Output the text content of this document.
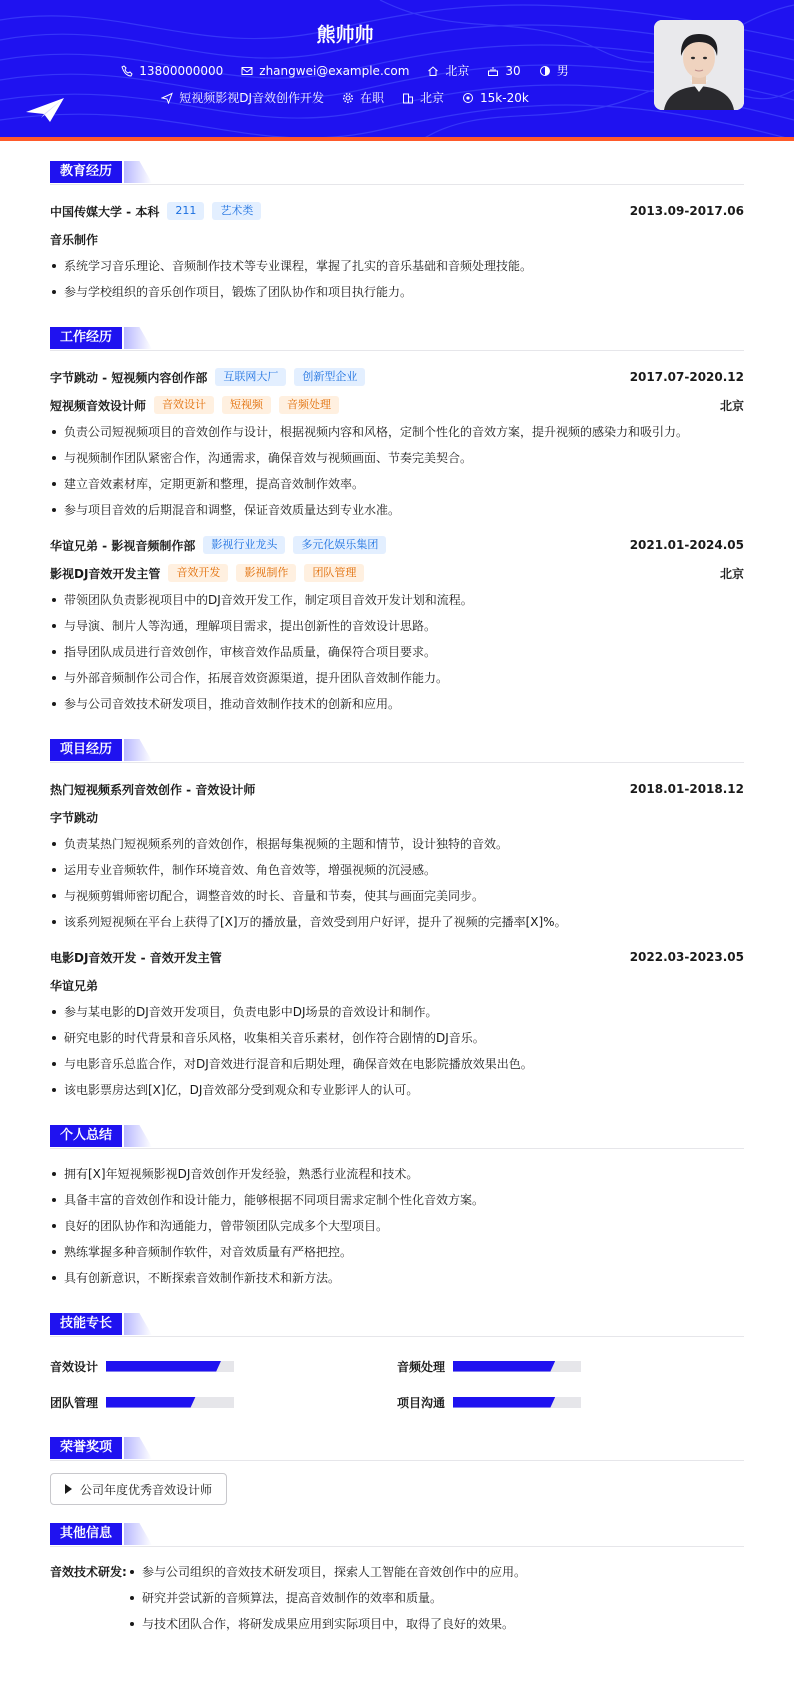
熊帅帅
13800000000	zhangwei@example.com	北京	30	男
短视频影视DJ音效创作开发	在职	北京	15k-20k
教育经历
中国传媒大学 - 本科	211	艺术类	2013.09-2017.06
音乐制作
系统学习音乐理论、音频制作技术等专业课程，掌握了扎实的音乐基础和音频处理技能。
参与学校组织的音乐创作项目，锻炼了团队协作和项目执行能力。
工作经历
字节跳动 - 短视频内容创作部	互联网大厂	创新型企业	2017.07-2020.12
短视频音效设计师	音效设计	短视频	音频处理	北京
负责公司短视频项目的音效创作与设计，根据视频内容和风格，定制个性化的音效方案，提升视频的感染力和吸引力。
与视频制作团队紧密合作，沟通需求，确保音效与视频画面、节奏完美契合。
建立音效素材库，定期更新和整理，提高音效制作效率。
参与项目音效的后期混音和调整，保证音效质量达到专业水准。
华谊兄弟 - 影视音频制作部	影视行业龙头	多元化娱乐集团	2021.01-2024.05
影视DJ音效开发主管	音效开发	影视制作	团队管理	北京
带领团队负责影视项目中的DJ音效开发工作，制定项目音效开发计划和流程。
与导演、制片人等沟通，理解项目需求，提出创新性的音效设计思路。
指导团队成员进行音效创作，审核音效作品质量，确保符合项目要求。
与外部音频制作公司合作，拓展音效资源渠道，提升团队音效制作能力。
参与公司音效技术研发项目，推动音效制作技术的创新和应用。
项目经历
热门短视频系列音效创作 - 音效设计师	2018.01-2018.12
字节跳动
负责某热门短视频系列的音效创作，根据每集视频的主题和情节，设计独特的音效。
运用专业音频软件，制作环境音效、角色音效等，增强视频的沉浸感。
与视频剪辑师密切配合，调整音效的时长、音量和节奏，使其与画面完美同步。
该系列短视频在平台上获得了[X]万的播放量，音效受到用户好评，提升了视频的完播率[X]%。
电影DJ音效开发 - 音效开发主管	2022.03-2023.05
华谊兄弟
参与某电影的DJ音效开发项目，负责电影中DJ场景的音效设计和制作。
研究电影的时代背景和音乐风格，收集相关音乐素材，创作符合剧情的DJ音乐。
与电影音乐总监合作，对DJ音效进行混音和后期处理，确保音效在电影院播放效果出色。
该电影票房达到[X]亿，DJ音效部分受到观众和专业影评人的认可。
个人总结
拥有[X]年短视频影视DJ音效创作开发经验，熟悉行业流程和技术。
具备丰富的音效创作和设计能力，能够根据不同项目需求定制个性化音效方案。
良好的团队协作和沟通能力，曾带领团队完成多个大型项目。
熟练掌握多种音频制作软件，对音效质量有严格把控。
具有创新意识，不断探索音效制作新技术和新方法。
技能专长
音效设计	音频处理
团队管理	项目沟通
荣誉奖项
公司年度优秀音效设计师
其他信息
音效技术研发:	参与公司组织的音效技术研发项目，探索人工智能在音效创作中的应用。
研究并尝试新的音频算法，提高音效制作的效率和质量。
与技术团队合作，将研发成果应用到实际项目中，取得了良好的效果。
